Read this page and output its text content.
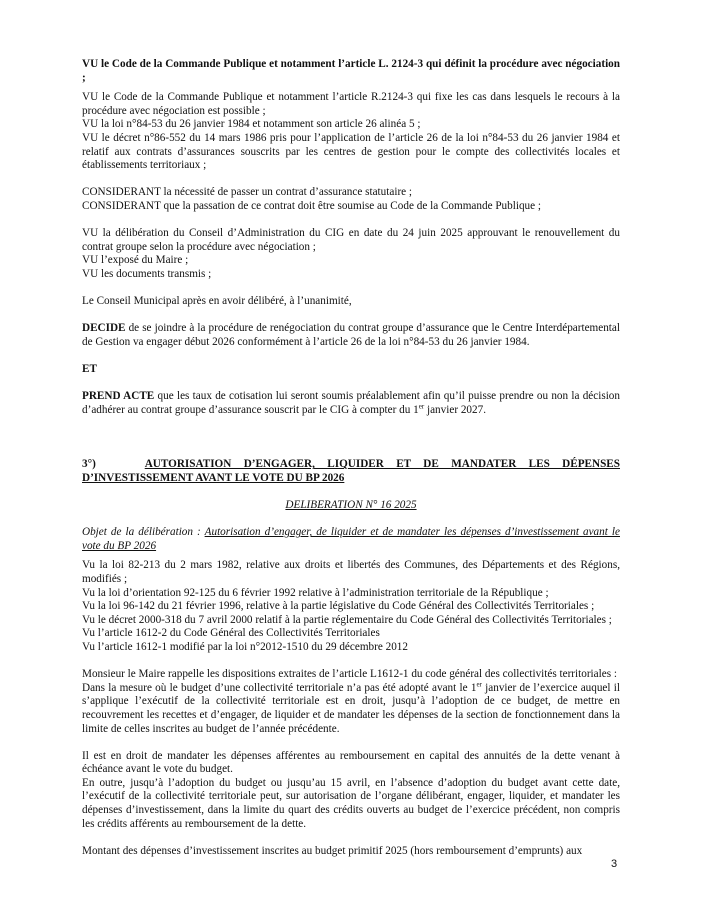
VU le Code de la Commande Publique et notamment l’article L. 2124-3 qui définit la procédure avec négociation ;

VU le Code de la Commande Publique et notamment l’article R.2124-3 qui fixe les cas dans lesquels le recours à la procédure avec négociation est possible ;

VU la loi n°84-53 du 26 janvier 1984 et notamment son article 26 alinéa 5 ;

VU le décret n°86-552 du 14 mars 1986 pris pour l’application de l’article 26 de la loi n°84-53 du 26 janvier 1984 et relatif aux contrats d’assurances souscrits par les centres de gestion pour le compte des collectivités locales et établissements territoriaux ;

CONSIDERANT la nécessité de passer un contrat d’assurance statutaire ;

CONSIDERANT que la passation de ce contrat doit être soumise au Code de la Commande Publique ;

VU la délibération du Conseil d’Administration du CIG en date du 24 juin 2025 approuvant le renouvellement du contrat groupe selon la procédure avec négociation ;

VU l’exposé du Maire ;

VU les documents transmis ;

Le Conseil Municipal après en avoir délibéré, à l’unanimité,

DECIDE de se joindre à la procédure de renégociation du contrat groupe d’assurance que le Centre Interdépartemental de Gestion va engager début 2026 conformément à l’article 26 de la loi n°84-53 du 26 janvier 1984.

ET

PREND ACTE que les taux de cotisation lui seront soumis préalablement afin qu’il puisse prendre ou non la décision d’adhérer au contrat groupe d’assurance souscrit par le CIG à compter du 1er janvier 2027.

3°)	AUTORISATION D’ENGAGER, LIQUIDER ET DE MANDATER LES DÉPENSES D’INVESTISSEMENT AVANT LE VOTE DU BP 2026

DELIBERATION N° 16 2025

Objet de la délibération : Autorisation d’engager, de liquider et de mandater les dépenses d’investissement avant le vote du BP 2026

Vu la loi 82-213 du 2 mars 1982, relative aux droits et libertés des Communes, des Départements et des Régions, modifiés ;

Vu la loi d’orientation 92-125 du 6 février 1992 relative à l’administration territoriale de la République ;

Vu la loi 96-142 du 21 février 1996, relative à la partie législative du Code Général des Collectivités Territoriales ;

Vu le décret 2000-318 du 7 avril 2000 relatif à la partie réglementaire du Code Général des Collectivités Territoriales ;

Vu l’article 1612-2 du Code Général des Collectivités Territoriales

Vu l’article 1612-1 modifié par la loi n°2012-1510 du 29 décembre 2012

Monsieur le Maire rappelle les dispositions extraites de l’article L1612-1 du code général des collectivités territoriales :

Dans la mesure où le budget d’une collectivité territoriale n’a pas été adopté avant le 1er janvier de l’exercice auquel il s’applique l’exécutif de la collectivité territoriale est en droit, jusqu’à l’adoption de ce budget, de mettre en recouvrement les recettes et d’engager, de liquider et de mandater les dépenses de la section de fonctionnement dans la limite de celles inscrites au budget de l’année précédente.

Il est en droit de mandater les dépenses afférentes au remboursement en capital des annuités de la dette venant à échéance avant le vote du budget.

En outre, jusqu’à l’adoption du budget ou jusqu’au 15 avril, en l’absence d’adoption du budget avant cette date, l’exécutif de la collectivité territoriale peut, sur autorisation de l’organe délibérant, engager, liquider, et mandater les dépenses d’investissement, dans la limite du quart des crédits ouverts au budget de l’exercice précédent, non compris les crédits afférents au remboursement de la dette.

Montant des dépenses d’investissement inscrites au budget primitif 2025 (hors remboursement d’emprunts) aux

3
